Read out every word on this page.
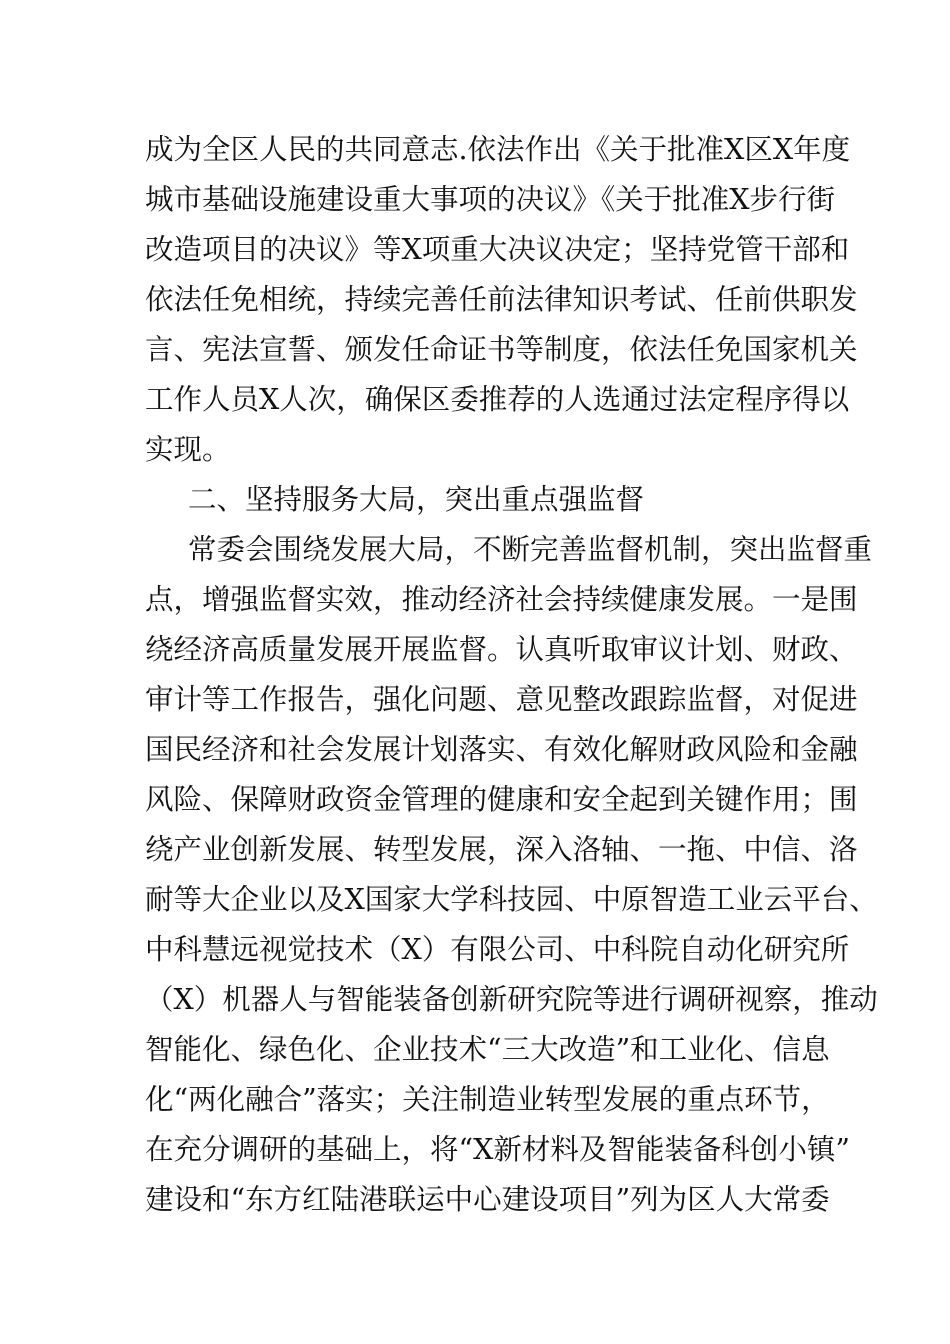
成为全区人民的共同意志.依法作出《关于批准X区X年度
城市基础设施建设重大事项的决议》《关于批准X步行街
改造项目的决议》等X项重大决议决定；坚持党管干部和
依法任免相统，持续完善任前法律知识考试、任前供职发
言、宪法宣誓、颁发任命证书等制度，依法任免国家机关
工作人员X人次，确保区委推荐的人选通过法定程序得以
实现。
二、坚持服务大局，突出重点强监督
常委会围绕发展大局，不断完善监督机制，突出监督重
点，增强监督实效，推动经济社会持续健康发展。一是围
绕经济高质量发展开展监督。认真听取审议计划、财政、
审计等工作报告，强化问题、意见整改跟踪监督，对促进
国民经济和社会发展计划落实、有效化解财政风险和金融
风险、保障财政资金管理的健康和安全起到关键作用；围
绕产业创新发展、转型发展，深入洛轴、一拖、中信、洛
耐等大企业以及X国家大学科技园、中原智造工业云平台、
中科慧远视觉技术（X）有限公司、中科院自动化研究所
（X）机器人与智能装备创新研究院等进行调研视察，推动
智能化、绿色化、企业技术“三大改造”和工业化、信息
化“两化融合”落实；关注制造业转型发展的重点环节，
在充分调研的基础上，将“X新材料及智能装备科创小镇”
建设和“东方红陆港联运中心建设项目”列为区人大常委
